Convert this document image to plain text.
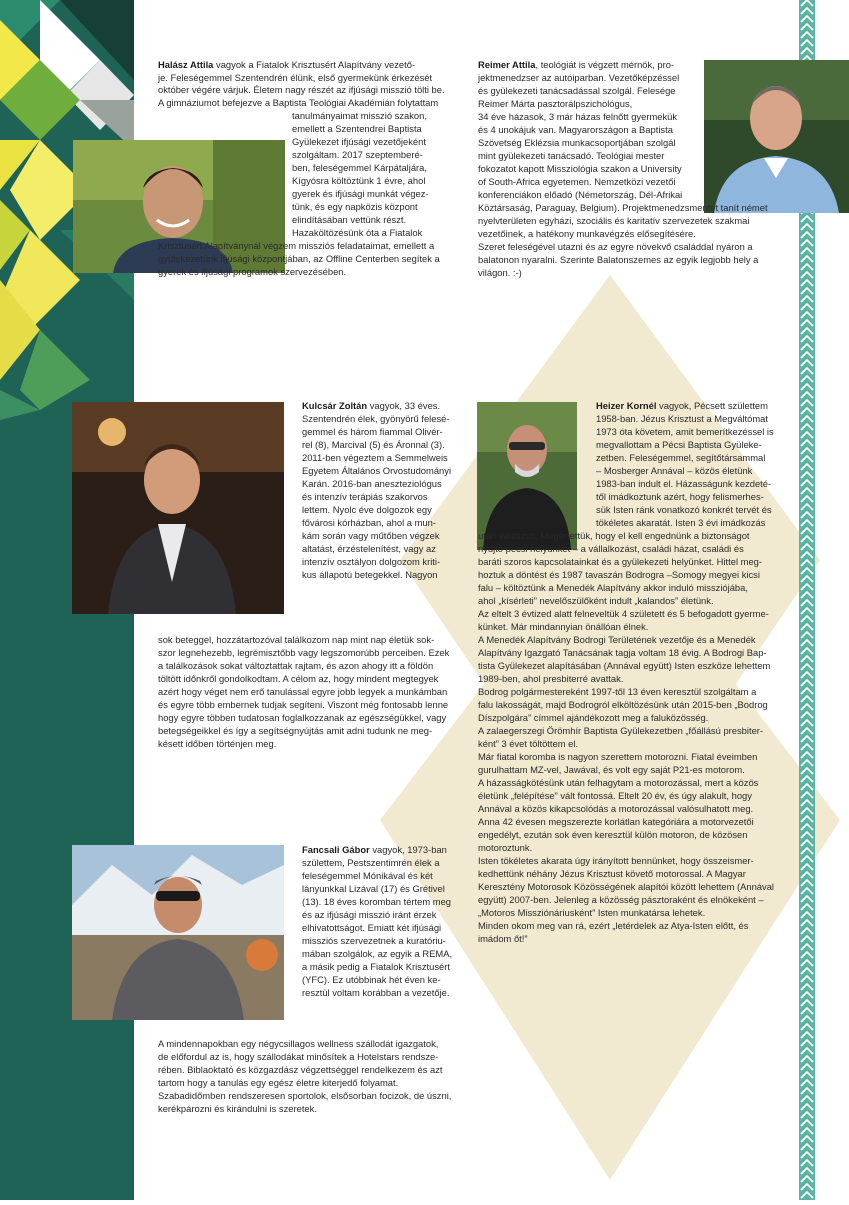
Halász Attila vagyok a Fiatalok Krisztusért Alapítvány vezető-
je. Feleségemmel Szentendrén élünk, első gyermekünk érkezését
október végére várjuk. Életem nagy részét az ifjúsági misszió tölti be.
A gimnáziumot befejezve a Baptista Teológiai Akadémián folytattam
tanulmányaimat misszió szakon,
emellett a Szentendrei Baptista
Gyülekezet ifjúsági vezetőjeként
szolgáltam. 2017 szeptemberé-
ben, feleségemmel Kárpátaljára,
Kígyósra költöztünk 1 évre, ahol
gyerek és ifjúsági munkát végez-
tünk, és egy napközis központ
elindításában vettünk részt.
Hazaköltözésünk óta a Fiatalok
Krisztusért Alapítványnál végzem missziós feladataimat, emellett a
gyülekezetünk ifjúsági központjában, az Offline Centerben segítek a
gyerek és ifjúsági programok szervezésében.
Reimer Attila, teológiát is végzett mérnök, pro-
jektmenedzser az autóiparban. Vezetőképzéssel
és gyülekezeti tanácsadással szolgál. Felesége
Reimer Márta pasztorálpszichológus,
34 éve házasok, 3 már házas felnőtt gyermekük
és 4 unokájuk van. Magyarországon a Baptista
Szövetség Eklézsia munkacsoportjában szolgál
mint gyülekezeti tanácsadó. Teológiai mester
fokozatot kapott Missziológia szakon a University
of South-Africa egyetemen. Nemzetközi vezetői
konferenciákon előadó (Németország, Dél-Afrikai
Köztársaság, Paraguay, Belgium). Projektmenedzsmentet tanít német
nyelvterületen egyházi, szociális és karitatív szervezetek szakmai
vezetőinek, a hatékony munkavégzés elősegítésére.
Szeret feleségével utazni és az egyre növekvő családdal nyáron a
balatonon nyaralni. Szerinte Balatonszemes az egyik legjobb hely a
világon. :-)
Kulcsár Zoltán vagyok, 33 éves.
Szentendrén élek, gyönyörű felesé-
gemmel és három fiammal Olivér-
rel (8), Marcival (5) és Áronnal (3).
2011-ben végeztem a Semmelweis
Egyetem Általános Orvostudományi
Karán. 2016-ban aneszteziológus
és intenzív terápiás szakorvos
lettem. Nyolc éve dolgozok egy
fővárosi kórházban, ahol a mun-
kám során vagy műtőben végzek
altatást, érzéstelenítést, vagy az
intenzív osztályon dolgozom kriti-
kus állapotú betegekkel. Nagyon
sok beteggel, hozzátartozóval találkozom nap mint nap életük sok-
szor legnehezebb, legrémisztőbb vagy legszomorúbb perceiben. Ezek
a találkozások sokat változtattak rajtam, és azon ahogy itt a földön
töltött időnkről gondolkodtam. A célom az, hogy mindent megtegyek
azért hogy véget nem erő tanulással egyre jobb legyek a munkámban
és egyre több embernek tudjak segíteni. Viszont még fontosabb lenne
hogy egyre többen tudatosan foglalkozzanak az egészségükkel, vagy
betegségeikkel és így a segítségnyújtás amit adni tudunk ne meg-
késett időben történjen meg.
Heizer Kornél vagyok, Pécsett születtem
1958-ban. Jézus Krisztust a Megváltómat
1973 óta követem, amit bemerítkezéssel is
megvallottam a Pécsi Baptista Gyüleke-
zetben. Feleségemmel, segítőtársammal
– Mosberger Annával – közös életünk
1983-ban indult el. Házasságunk kezdeté-
től imádkoztunk azért, hogy felismerhes-
sük Isten ránk vonatkozó konkrét tervét és
tökéletes akaratát. Isten 3 évi imádkozás
után válaszolt. Megértettük, hogy el kell engednünk a biztonságot
nyújtó pécsi helyünket – a vállalkozást, családi házat, családi és
baráti szoros kapcsolatainkat és a gyülekezeti helyünket. Hittel meg-
hoztuk a döntést és 1987 tavaszán Bodrogra –Somogy megyei kicsi
falu – költöztünk a Menedék Alapítvány akkor induló missziójába,
ahol „kísérleti” nevelőszülőként indult „kalandos” életünk.
Az eltelt 3 évtized alatt felneveltük 4 született és 5 befogadott gyerme-
künket. Már mindannyian önállóan élnek.
A Menedék Alapítvány Bodrogi Területének vezetője és a Menedék
Alapítvány Igazgató Tanácsának tagja voltam 18 évig. A Bodrogi Bap-
tista Gyülekezet alapításában (Annával együtt) Isten eszköze lehettem
1989-ben, ahol presbiterré avattak.
Bodrog polgármestereként 1997-től 13 éven keresztül szolgáltam a
falu lakosságát, majd Bodrogról elköltözésünk után 2015-ben „Bodrog
Díszpolgára” címmel ajándékozott meg a faluközösség.
A zalaegerszegi Örömhír Baptista Gyülekezetben „főállású presbiter-
ként” 3 évet töltöttem el.
Már fiatal koromba is nagyon szerettem motorozni. Fiatal éveimben
gurulhattam MZ-vel, Jawával, és volt egy saját P21-es motorom.
A házasságkötésünk után felhagytam a motorozással, mert a közös
életünk „felépítése” vált fontossá. Eltelt 20 év, és úgy alakult, hogy
Annával a közös kikapcsolódás a motorozással valósulhatott meg.
Anna 42 évesen megszerezte korlátlan kategóriára a motorvezetői
engedélyt, ezután sok éven keresztül külön motoron, de közösen
motoroztunk.
Isten tökéletes akarata úgy irányított bennünket, hogy összeismer-
kedhettünk néhány Jézus Krisztust követő motorossal. A Magyar
Keresztény Motorosok Közösségének alapítói között lehettem (Annával
együtt) 2007-ben. Jelenleg a közösség pásztoraként és elnökeként –
„Motoros Missziónáriusként” Isten munkatársa lehetek.
Minden okom meg van rá, ezért „letérdelek az Atya-Isten előtt, és
imádom őt!”
Fancsali Gábor vagyok, 1973-ban
születtem, Pestszentimrén élek a
feleségemmel Mónikával és két
lányunkkal Lizával (17) és Grétivel
(13). 18 éves koromban tértem meg
és az ifjúsági misszió iránt érzek
elhivatottságot. Emiatt két ifjúsági
missziós szervezetnek a kuratóriu-
mában szolgálok, az egyik a REMA,
a másik pedig a Fiatalok Krisztusért
(YFC). Ez utóbbinak hét éven ke-
resztül voltam korábban a vezetője.
A mindennapokban egy négycsillagos wellness szállodát igazgatok,
de előfordul az is, hogy szállodákat minősítek a Hotelstars rendsze-
rében. Biblaoktató és közgazdász végzettséggel rendelkezem és azt
tartom hogy a tanulás egy egész életre kiterjedő folyamat.
Szabadidőmben rendszeresen sportolok, elsősorban focizok, de úszni,
kerékpározni és kirándulni is szeretek.
